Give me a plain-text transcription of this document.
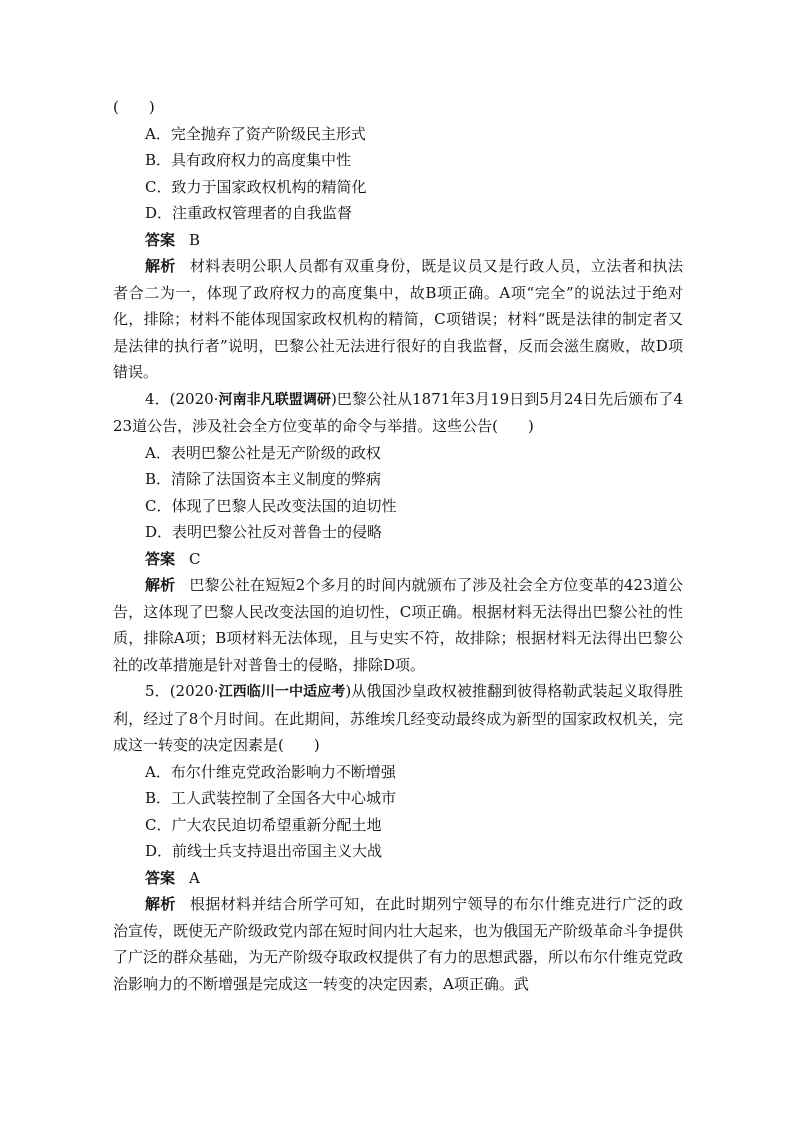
(　　)
A．完全抛弃了资产阶级民主形式
B．具有政府权力的高度集中性
C．致力于国家政权机构的精简化
D．注重政权管理者的自我监督
答案 B
解析 材料表明公职人员都有双重身份，既是议员又是行政人员，立法者和执法者合二为一，体现了政府权力的高度集中，故B项正确。A项“完全”的说法过于绝对化，排除；材料不能体现国家政权机构的精简，C项错误；材料“既是法律的制定者又是法律的执行者”说明，巴黎公社无法进行很好的自我监督，反而会滋生腐败，故D项错误。
4．(2020·河南非凡联盟调研)巴黎公社从1871年3月19日到5月24日先后颁布了423道公告，涉及社会全方位变革的命令与举措。这些公告(　　)
A．表明巴黎公社是无产阶级的政权
B．清除了法国资本主义制度的弊病
C．体现了巴黎人民改变法国的迫切性
D．表明巴黎公社反对普鲁士的侵略
答案 C
解析 巴黎公社在短短2个多月的时间内就颁布了涉及社会全方位变革的423道公告，这体现了巴黎人民改变法国的迫切性，C项正确。根据材料无法得出巴黎公社的性质，排除A项；B项材料无法体现，且与史实不符，故排除；根据材料无法得出巴黎公社的改革措施是针对普鲁士的侵略，排除D项。
5．(2020·江西临川一中适应考)从俄国沙皇政权被推翻到彼得格勒武装起义取得胜利，经过了8个月时间。在此期间，苏维埃几经变动最终成为新型的国家政权机关，完成这一转变的决定因素是(　　)
A．布尔什维克党政治影响力不断增强
B．工人武装控制了全国各大中心城市
C．广大农民迫切希望重新分配土地
D．前线士兵支持退出帝国主义大战
答案 A
解析 根据材料并结合所学可知，在此时期列宁领导的布尔什维克进行广泛的政治宣传，既使无产阶级政党内部在短时间内壮大起来，也为俄国无产阶级革命斗争提供了广泛的群众基础，为无产阶级夺取政权提供了有力的思想武器，所以布尔什维克党政治影响力的不断增强是完成这一转变的决定因素，A项正确。武
